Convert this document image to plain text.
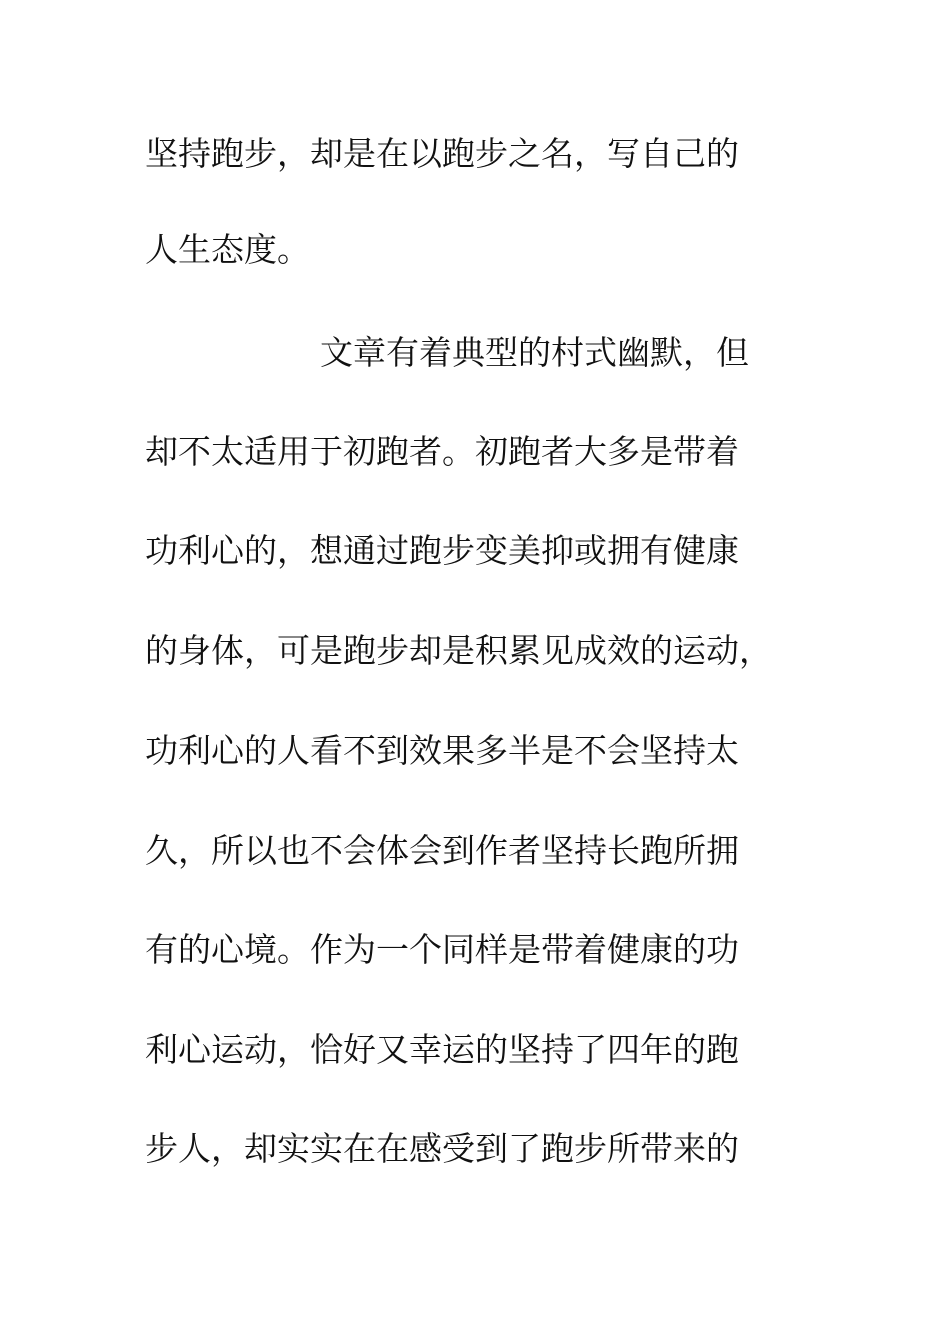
坚持跑步，却是在以跑步之名，写自己的
人生态度。
文章有着典型的村式幽默，但
却不太适用于初跑者。初跑者大多是带着
功利心的，想通过跑步变美抑或拥有健康
的身体，可是跑步却是积累见成效的运动，
功利心的人看不到效果多半是不会坚持太
久，所以也不会体会到作者坚持长跑所拥
有的心境。作为一个同样是带着健康的功
利心运动，恰好又幸运的坚持了四年的跑
步人，却实实在在感受到了跑步所带来的
